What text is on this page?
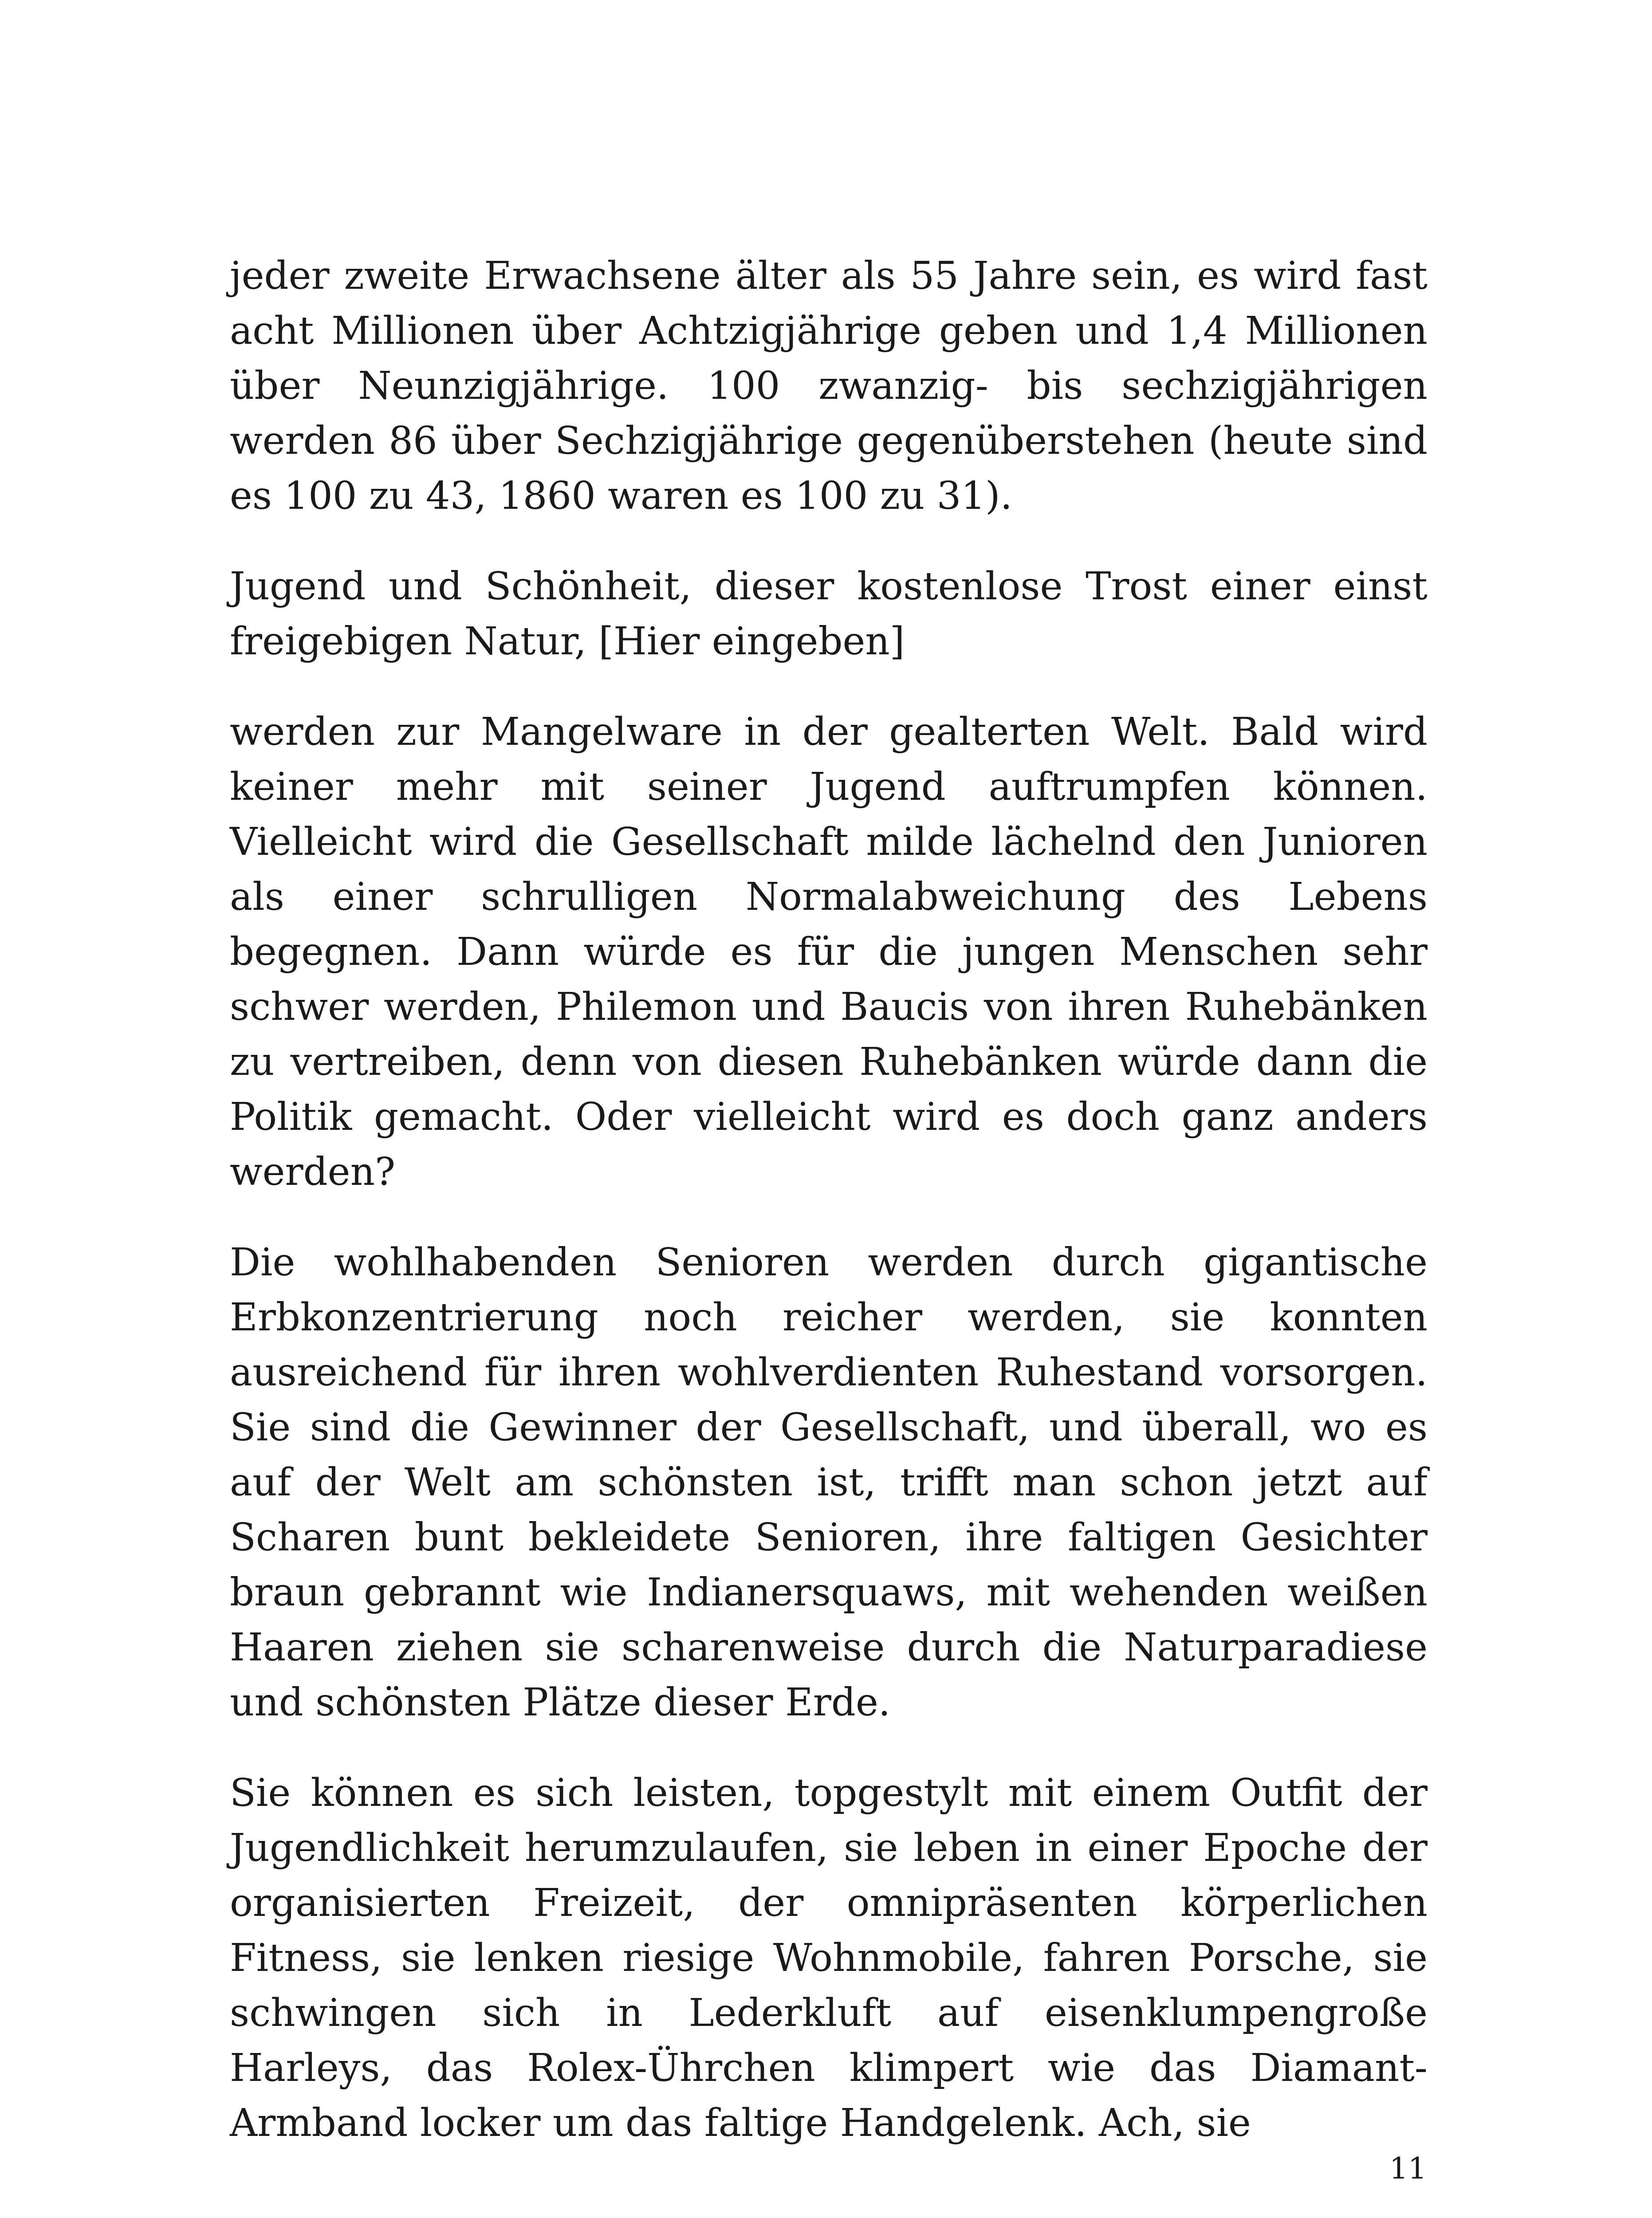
jeder zweite Erwachsene älter als 55 Jahre sein, es wird fast acht Millionen über Achtzigjährige geben und 1,4 Millionen über Neunzigjährige. 100 zwanzig- bis sechzigjährigen werden 86 über Sechzigjährige gegenüberstehen (heute sind es 100 zu 43, 1860 waren es 100 zu 31).

Jugend und Schönheit, dieser kostenlose Trost einer einst freigebigen Natur, [Hier eingeben]

werden zur Mangelware in der gealterten Welt. Bald wird keiner mehr mit seiner Jugend auftrumpfen können. Vielleicht wird die Gesellschaft milde lächelnd den Junioren als einer schrulligen Normalabweichung des Lebens begegnen. Dann würde es für die jungen Menschen sehr schwer werden, Philemon und Baucis von ihren Ruhebänken zu vertreiben, denn von diesen Ruhebänken würde dann die Politik gemacht. Oder vielleicht wird es doch ganz anders werden?

Die wohlhabenden Senioren werden durch gigantische Erbkonzentrierung noch reicher werden, sie konnten ausreichend für ihren wohlverdienten Ruhestand vorsorgen. Sie sind die Gewinner der Gesellschaft, und überall, wo es auf der Welt am schönsten ist, trifft man schon jetzt auf Scharen bunt bekleidete Senioren, ihre faltigen Gesichter braun gebrannt wie Indianersquaws, mit wehenden weißen Haaren ziehen sie scharenweise durch die Naturparadiese und schönsten Plätze dieser Erde.

Sie können es sich leisten, topgestylt mit einem Outfit der Jugendlichkeit herumzulaufen, sie leben in einer Epoche der organisierten Freizeit, der omnipräsenten körperlichen Fitness, sie lenken riesige Wohnmobile, fahren Porsche, sie schwingen sich in Lederkluft auf eisenklumpengroße Harleys, das Rolex-Ührchen klimpert wie das Diamant-Armband locker um das faltige Handgelenk. Ach, sie

11
